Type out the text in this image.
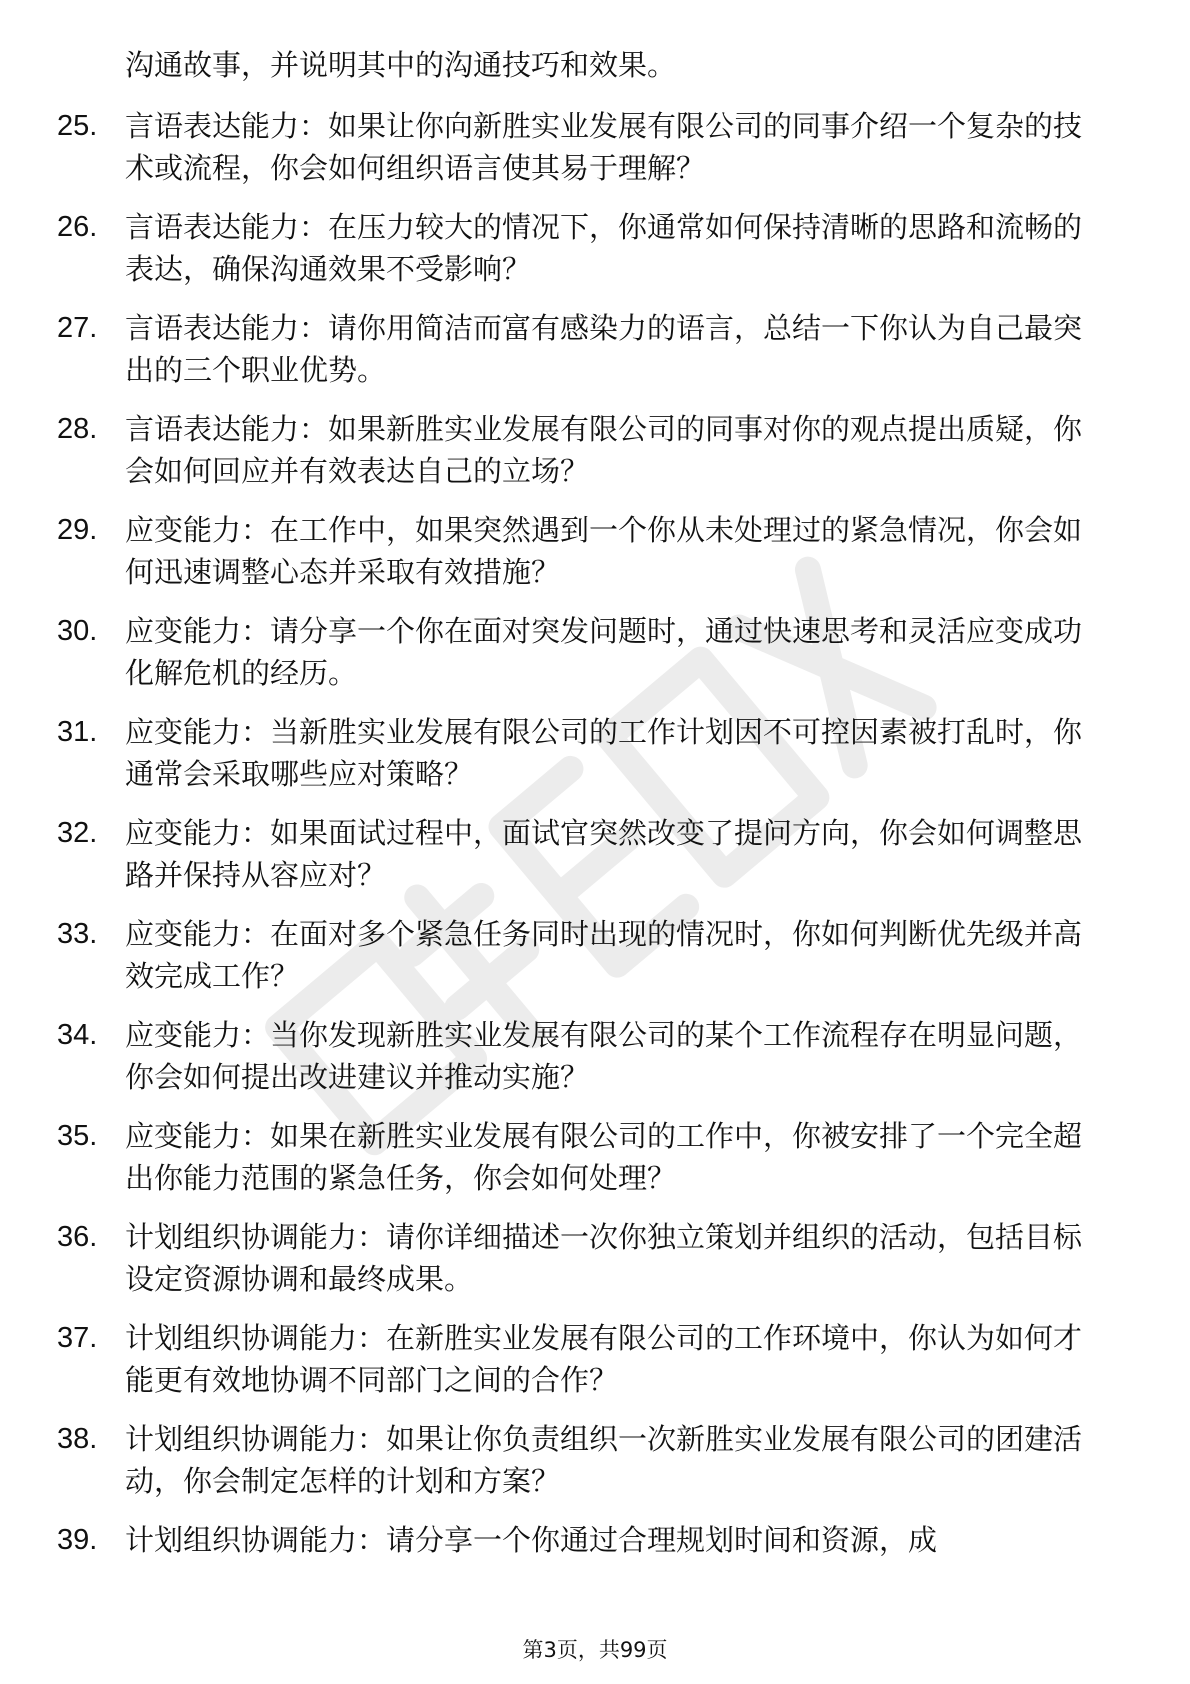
沟通故事，并说明其中的沟通技巧和效果。
25. 言语表达能力：如果让你向新胜实业发展有限公司的同事介绍一个复杂的技术或流程，你会如何组织语言使其易于理解？
26. 言语表达能力：在压力较大的情况下，你通常如何保持清晰的思路和流畅的表达，确保沟通效果不受影响？
27. 言语表达能力：请你用简洁而富有感染力的语言，总结一下你认为自己最突出的三个职业优势。
28. 言语表达能力：如果新胜实业发展有限公司的同事对你的观点提出质疑，你会如何回应并有效表达自己的立场？
29. 应变能力：在工作中，如果突然遇到一个你从未处理过的紧急情况，你会如何迅速调整心态并采取有效措施？
30. 应变能力：请分享一个你在面对突发问题时，通过快速思考和灵活应变成功化解危机的经历。
31. 应变能力：当新胜实业发展有限公司的工作计划因不可控因素被打乱时，你通常会采取哪些应对策略？
32. 应变能力：如果面试过程中，面试官突然改变了提问方向，你会如何调整思路并保持从容应对？
33. 应变能力：在面对多个紧急任务同时出现的情况时，你如何判断优先级并高效完成工作？
34. 应变能力：当你发现新胜实业发展有限公司的某个工作流程存在明显问题，你会如何提出改进建议并推动实施？
35. 应变能力：如果在新胜实业发展有限公司的工作中，你被安排了一个完全超出你能力范围的紧急任务，你会如何处理？
36. 计划组织协调能力：请你详细描述一次你独立策划并组织的活动，包括目标设定资源协调和最终成果。
37. 计划组织协调能力：在新胜实业发展有限公司的工作环境中，你认为如何才能更有效地协调不同部门之间的合作？
38. 计划组织协调能力：如果让你负责组织一次新胜实业发展有限公司的团建活动，你会制定怎样的计划和方案？
39. 计划组织协调能力：请分享一个你通过合理规划时间和资源，成
第3页，共99页
